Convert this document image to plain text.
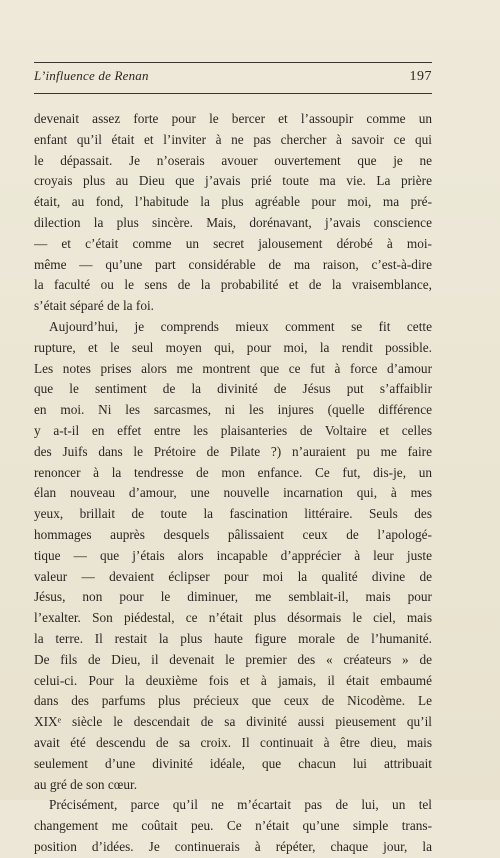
L’influence de Renan	197
devenait assez forte pour le bercer et l’assoupir comme un
enfant qu’il était et l’inviter à ne pas chercher à savoir ce qui
le dépassait. Je n’oserais avouer ouvertement que je ne
croyais plus au Dieu que j’avais prié toute ma vie. La prière
était, au fond, l’habitude la plus agréable pour moi, ma pré-
dilection la plus sincère. Mais, dorénavant, j’avais conscience
— et c’était comme un secret jalousement dérobé à moi-
même — qu’une part considérable de ma raison, c’est-à-dire
la faculté ou le sens de la probabilité et de la vraisemblance,
s’était séparé de la foi.
Aujourd’hui, je comprends mieux comment se fit cette
rupture, et le seul moyen qui, pour moi, la rendit possible.
Les notes prises alors me montrent que ce fut à force d’amour
que le sentiment de la divinité de Jésus put s’affaiblir
en moi. Ni les sarcasmes, ni les injures (quelle différence
y a-t-il en effet entre les plaisanteries de Voltaire et celles
des Juifs dans le Prétoire de Pilate ?) n’auraient pu me faire
renoncer à la tendresse de mon enfance. Ce fut, dis-je, un
élan nouveau d’amour, une nouvelle incarnation qui, à mes
yeux, brillait de toute la fascination littéraire. Seuls des
hommages auprès desquels pâlissaient ceux de l’apologé-
tique — que j’étais alors incapable d’apprécier à leur juste
valeur — devaient éclipser pour moi la qualité divine de
Jésus, non pour le diminuer, me semblait-il, mais pour
l’exalter. Son piédestal, ce n’était plus désormais le ciel, mais
la terre. Il restait la plus haute figure morale de l’humanité.
De fils de Dieu, il devenait le premier des « créateurs » de
celui-ci. Pour la deuxième fois et à jamais, il était embaumé
dans des parfums plus précieux que ceux de Nicodème. Le
XIXᵉ siècle le descendait de sa divinité aussi pieusement qu’il
avait été descendu de sa croix. Il continuait à être dieu, mais
seulement d’une divinité idéale, que chacun lui attribuait
au gré de son cœur.
Précisément, parce qu’il ne m’écartait pas de lui, un tel
changement me coûtait peu. Ce n’était qu’une simple trans-
position d’idées. Je continuerais à répéter, chaque jour, la
